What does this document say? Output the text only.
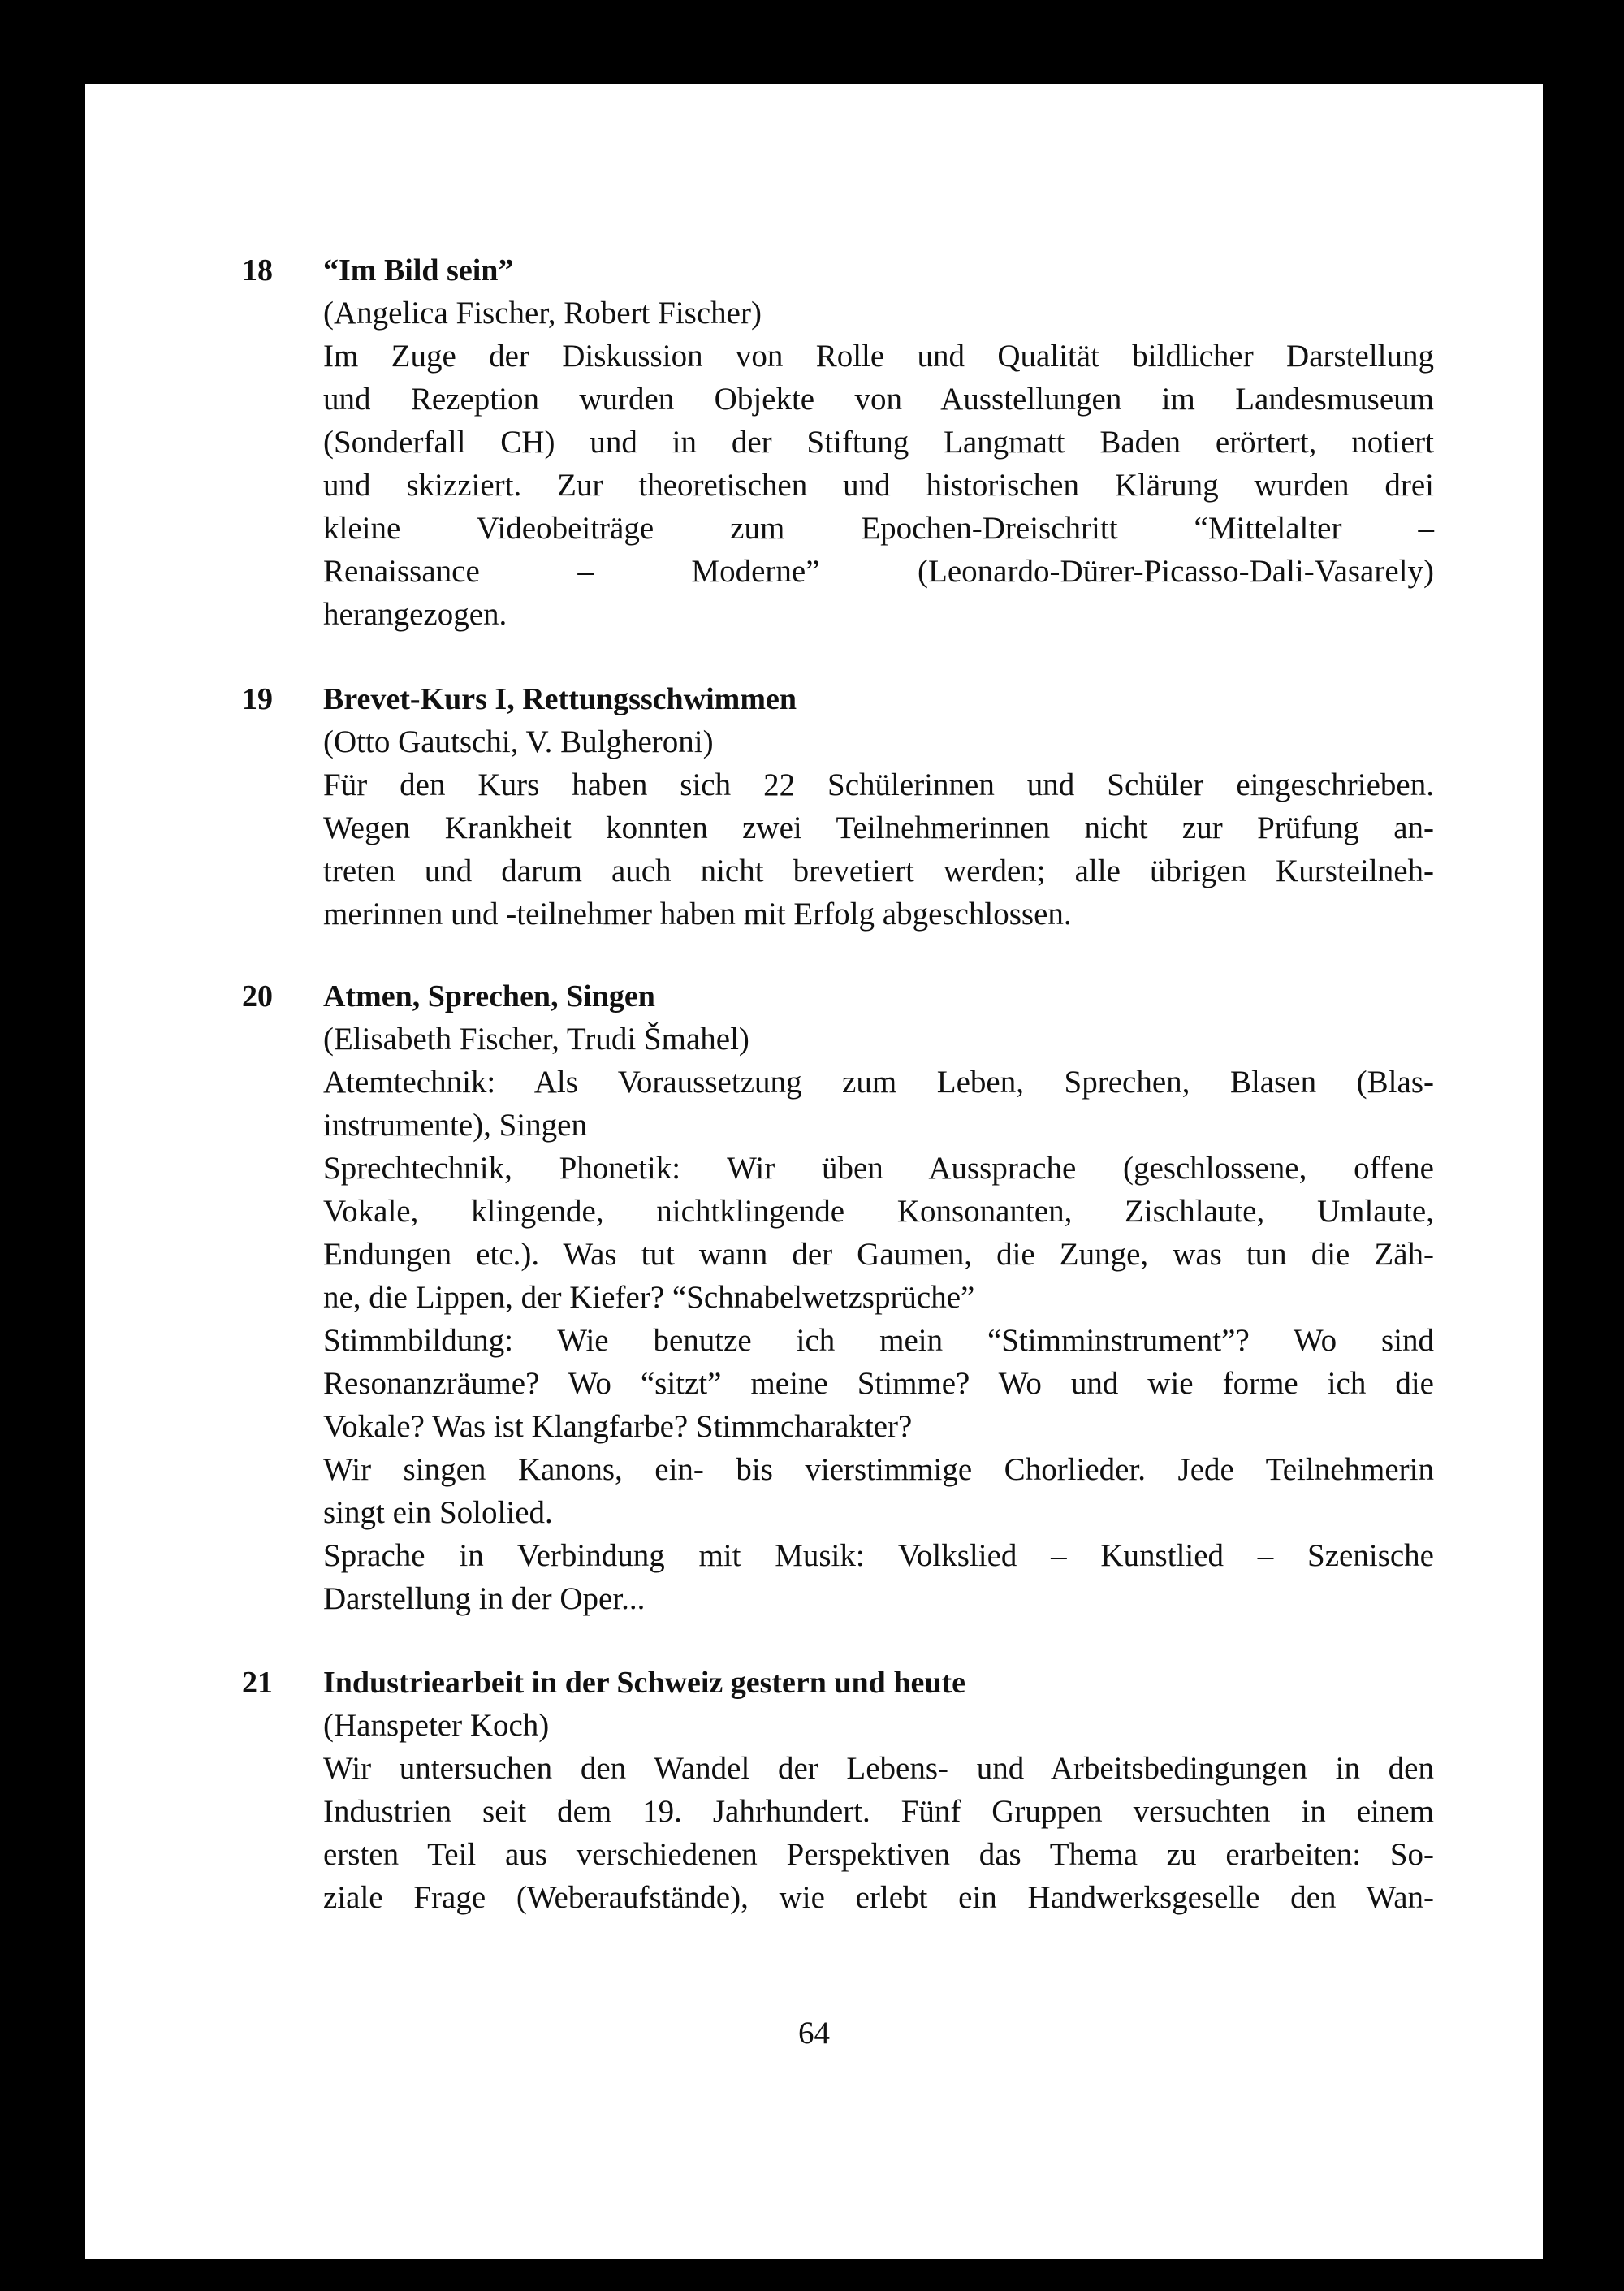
18 “Im Bild sein”
(Angelica Fischer, Robert Fischer)
Im Zuge der Diskussion von Rolle und Qualität bildlicher Darstellung
und Rezeption wurden Objekte von Ausstellungen im Landesmuseum
(Sonderfall CH) und in der Stiftung Langmatt Baden erörtert, notiert
und skizziert. Zur theoretischen und historischen Klärung wurden drei
kleine Videobeiträge zum Epochen-Dreischritt “Mittelalter –
Renaissance – Moderne” (Leonardo-Dürer-Picasso-Dali-Vasarely)
herangezogen.
19 Brevet-Kurs I, Rettungsschwimmen
(Otto Gautschi, V. Bulgheroni)
Für den Kurs haben sich 22 Schülerinnen und Schüler eingeschrieben.
Wegen Krankheit konnten zwei Teilnehmerinnen nicht zur Prüfung an-
treten und darum auch nicht brevetiert werden; alle übrigen Kursteilneh-
merinnen und -teilnehmer haben mit Erfolg abgeschlossen.
20 Atmen, Sprechen, Singen
(Elisabeth Fischer, Trudi Šmahel)
Atemtechnik: Als Voraussetzung zum Leben, Sprechen, Blasen (Blas-
instrumente), Singen
Sprechtechnik, Phonetik: Wir üben Aussprache (geschlossene, offene
Vokale, klingende, nichtklingende Konsonanten, Zischlaute, Umlaute,
Endungen etc.). Was tut wann der Gaumen, die Zunge, was tun die Zäh-
ne, die Lippen, der Kiefer? “Schnabelwetzsprüche”
Stimmbildung: Wie benutze ich mein “Stimminstrument”? Wo sind
Resonanzräume? Wo “sitzt” meine Stimme? Wo und wie forme ich die
Vokale? Was ist Klangfarbe? Stimmcharakter?
Wir singen Kanons, ein- bis vierstimmige Chorlieder. Jede Teilnehmerin
singt ein Sololied.
Sprache in Verbindung mit Musik: Volkslied – Kunstlied – Szenische
Darstellung in der Oper...
21 Industriearbeit in der Schweiz gestern und heute
(Hanspeter Koch)
Wir untersuchen den Wandel der Lebens- und Arbeitsbedingungen in den
Industrien seit dem 19. Jahrhundert. Fünf Gruppen versuchten in einem
ersten Teil aus verschiedenen Perspektiven das Thema zu erarbeiten: So-
ziale Frage (Weberaufstände), wie erlebt ein Handwerksgeselle den Wan-
64
